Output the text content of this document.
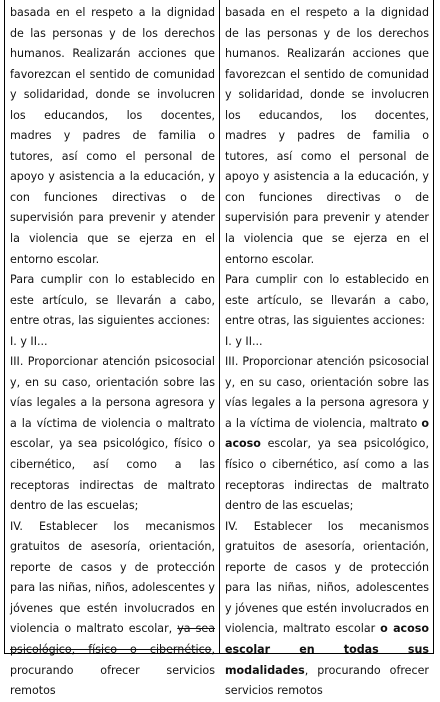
basada en el respeto a la dignidad de las personas y de los derechos humanos. Realizarán acciones que favorezcan el sentido de comunidad y solidaridad, donde se involucren los educandos, los docentes, madres y padres de familia o tutores, así como el personal de apoyo y asistencia a la educación, y con funciones directivas o de supervisión para prevenir y atender la violencia que se ejerza en el entorno escolar.

Para cumplir con lo establecido en este artículo, se llevarán a cabo, entre otras, las siguientes acciones:

I. y II...

III. Proporcionar atención psicosocial y, en su caso, orientación sobre las vías legales a la persona agresora y a la víctima de violencia o maltrato escolar, ya sea psicológico, físico o cibernético, así como a las receptoras indirectas de maltrato dentro de las escuelas;

IV. Establecer los mecanismos gratuitos de asesoría, orientación, reporte de casos y de protección para las niñas, niños, adolescentes y jóvenes que estén involucrados en violencia o maltrato escolar, ya sea psicológico, físico o cibernético, procurando ofrecer servicios remotos

basada en el respeto a la dignidad de las personas y de los derechos humanos. Realizarán acciones que favorezcan el sentido de comunidad y solidaridad, donde se involucren los educandos, los docentes, madres y padres de familia o tutores, así como el personal de apoyo y asistencia a la educación, y con funciones directivas o de supervisión para prevenir y atender la violencia que se ejerza en el entorno escolar.

Para cumplir con lo establecido en este artículo, se llevarán a cabo, entre otras, las siguientes acciones:

I. y II...

III. Proporcionar atención psicosocial y, en su caso, orientación sobre las vías legales a la persona agresora y a la víctima de violencia, maltrato o acoso escolar, ya sea psicológico, físico o cibernético, así como a las receptoras indirectas de maltrato dentro de las escuelas;

IV. Establecer los mecanismos gratuitos de asesoría, orientación, reporte de casos y de protección para las niñas, niños, adolescentes y jóvenes que estén involucrados en violencia, maltrato escolar o acoso escolar en todas sus modalidades, procurando ofrecer servicios remotos
